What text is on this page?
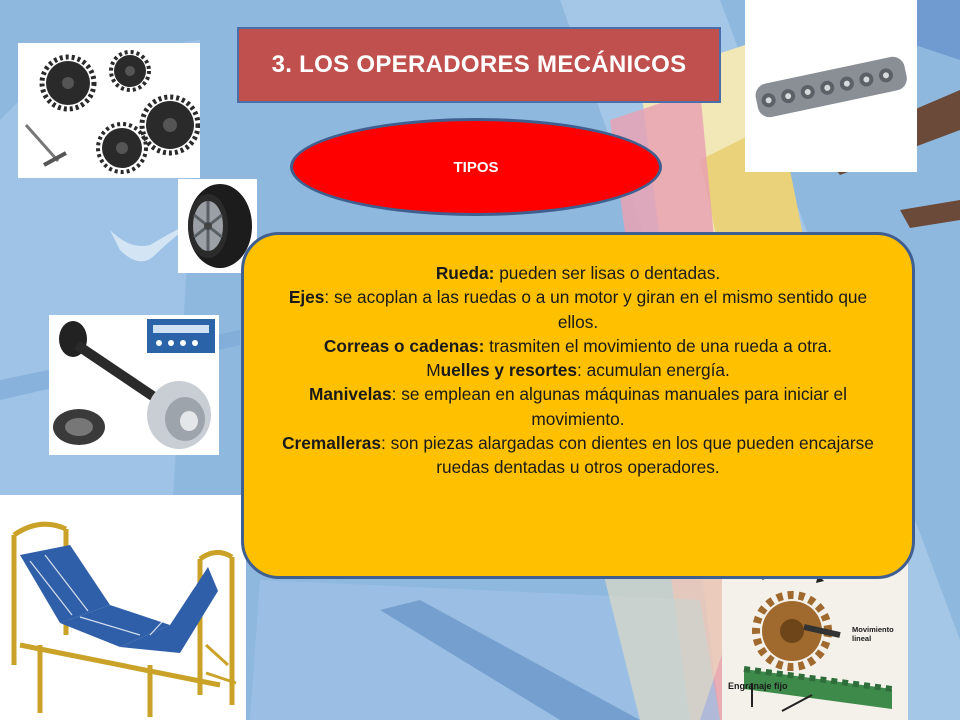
Movimiento
lineal
Engranaje fijo
3. LOS OPERADORES MECÁNICOS
TIPOS

Rueda: pueden ser lisas o dentadas.

Ejes: se acoplan a las ruedas o a un motor y giran en el mismo sentido que ellos.

Correas o cadenas: trasmiten el movimiento de una rueda a otra.

Muelles y resortes: acumulan energía.

Manivelas: se emplean en algunas máquinas manuales para iniciar el movimiento.

Cremalleras: son piezas alargadas con dientes en los que pueden encajarse ruedas dentadas u otros operadores.
